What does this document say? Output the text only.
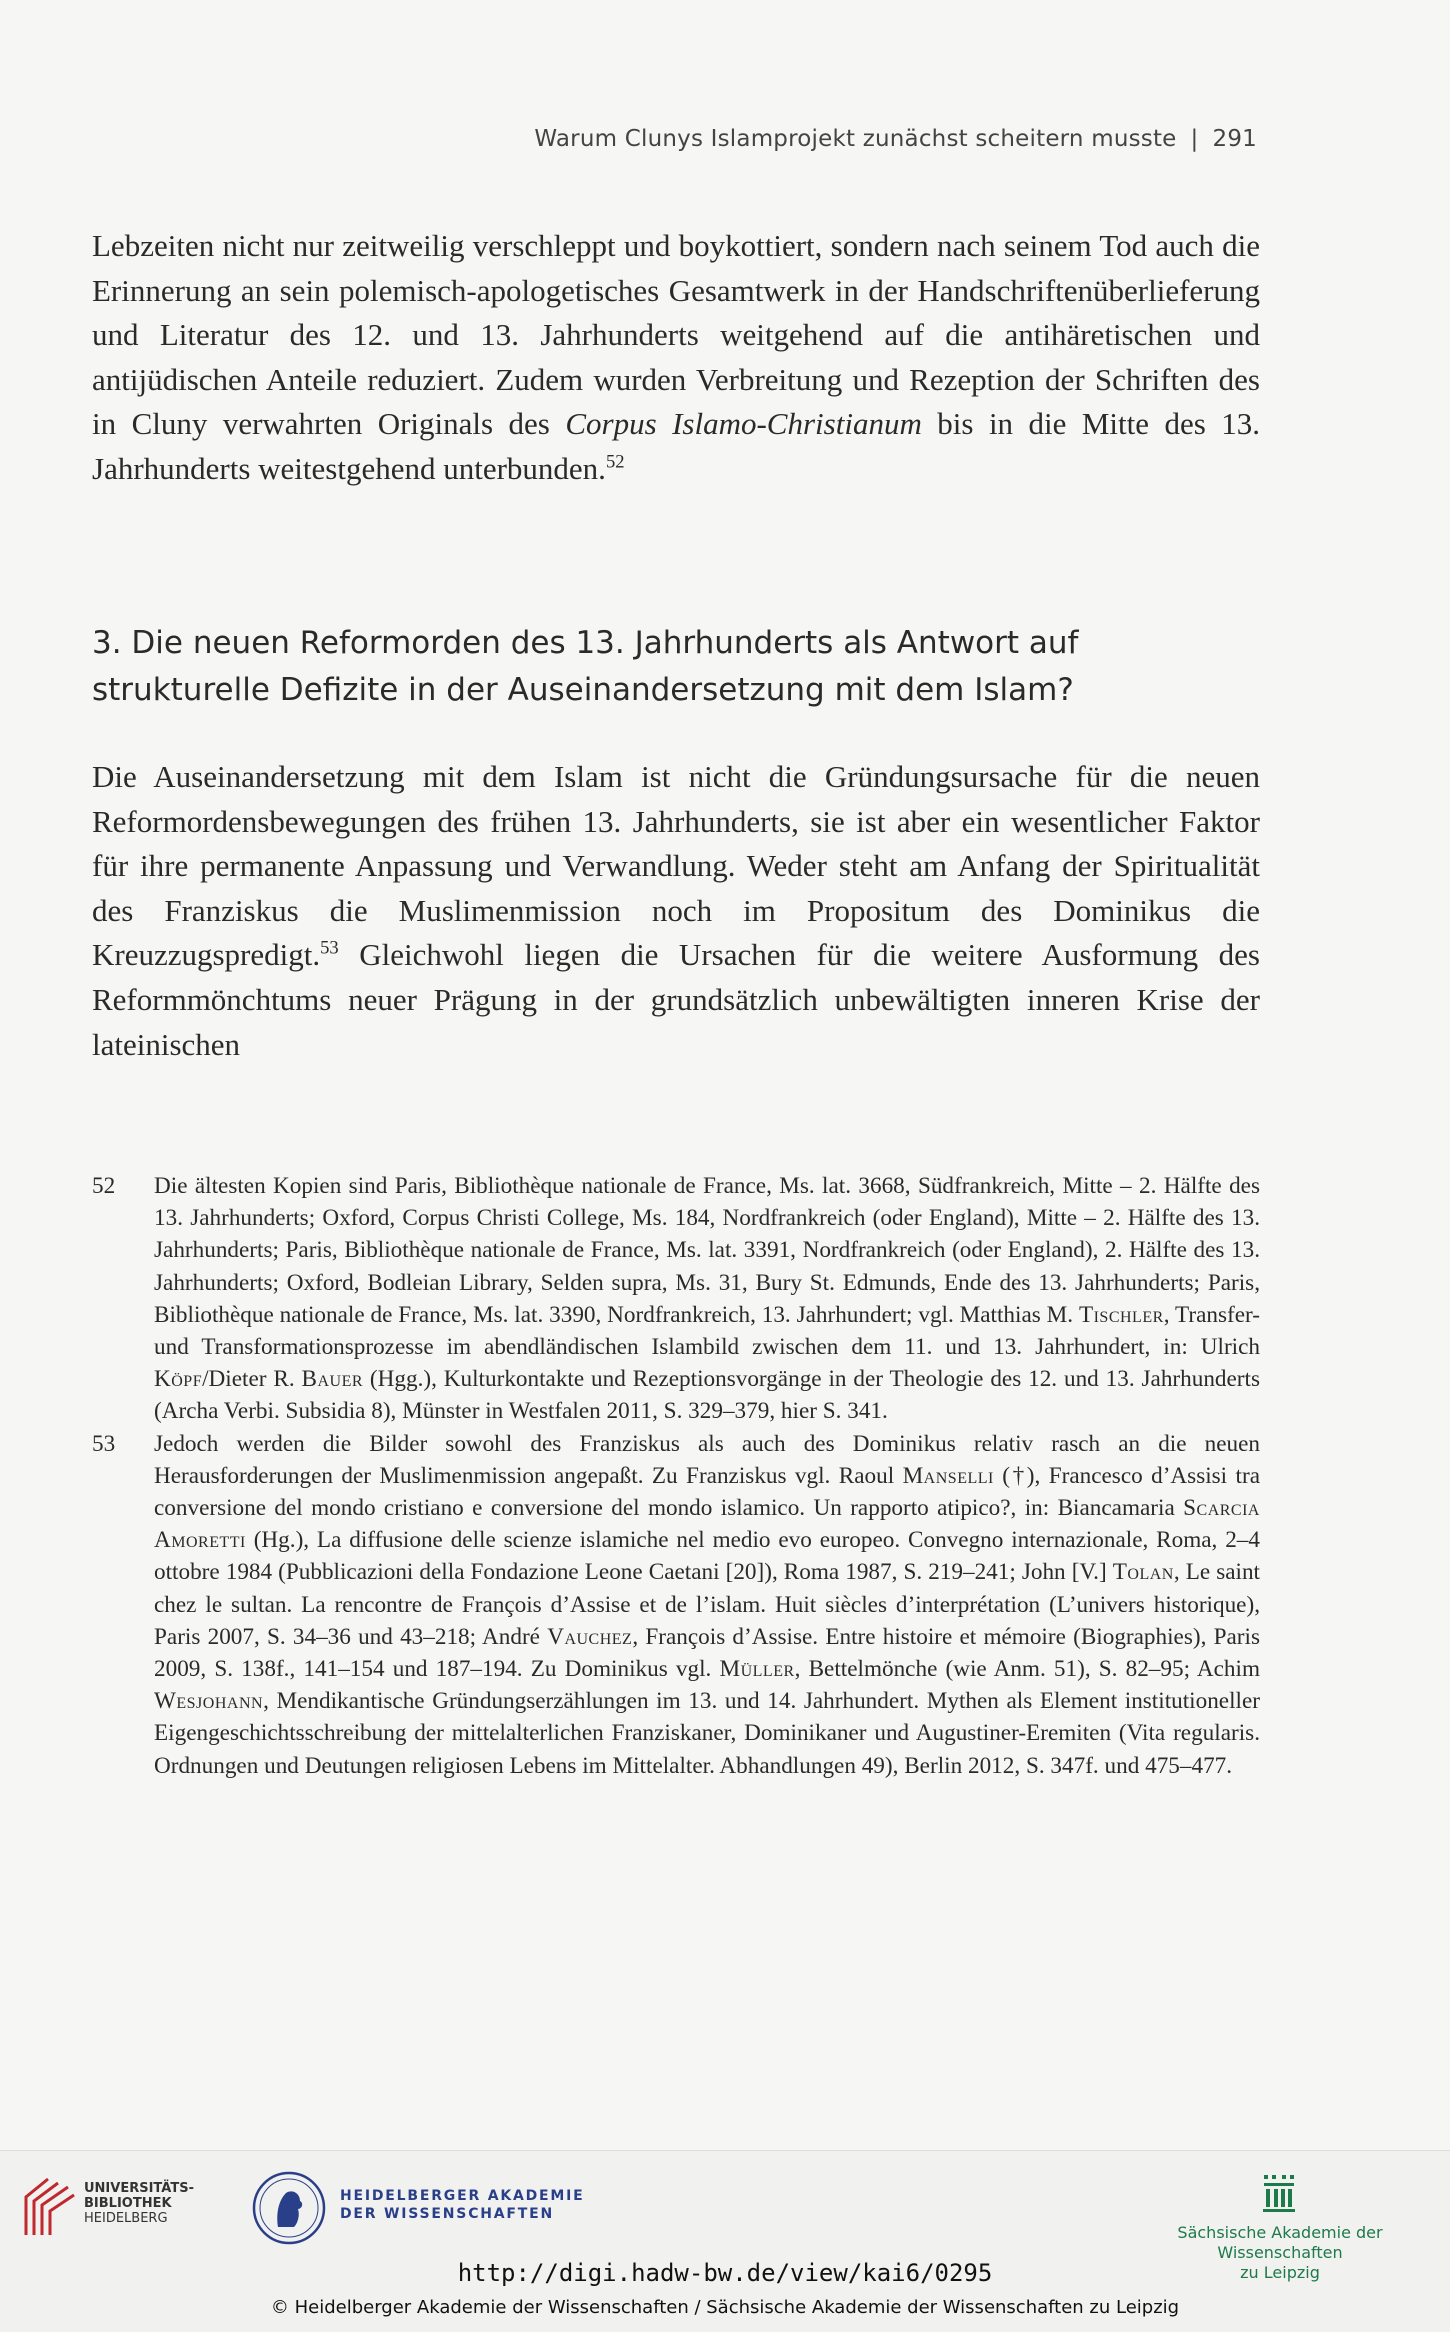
Warum Clunys Islamprojekt zunächst scheitern musste | 291
Lebzeiten nicht nur zeitweilig verschleppt und boykottiert, sondern nach seinem Tod auch die Erinnerung an sein polemisch-apologetisches Gesamtwerk in der Handschriftenüberlieferung und Literatur des 12. und 13. Jahrhunderts weitgehend auf die antihäretischen und antijüdischen Anteile reduziert. Zudem wurden Verbreitung und Rezeption der Schriften des in Cluny verwahrten Originals des Corpus Islamo-Christianum bis in die Mitte des 13. Jahrhunderts weitestgehend unterbunden.$^{52}$
3. Die neuen Reformorden des 13. Jahrhunderts als Antwort auf
strukturelle Defizite in der Auseinandersetzung mit dem Islam?
Die Auseinandersetzung mit dem Islam ist nicht die Gründungsursache für die neuen Reformordensbewegungen des frühen 13. Jahrhunderts, sie ist aber ein wesentlicher Faktor für ihre permanente Anpassung und Verwandlung. Weder steht am Anfang der Spiritualität des Franziskus die Muslimenmission noch im Propositum des Dominikus die Kreuzzugspredigt.$^{53}$ Gleichwohl liegen die Ursachen für die weitere Ausformung des Reformmönchtums neuer Prägung in der grundsätzlich unbewältigten inneren Krise der lateinischen
52 Die ältesten Kopien sind Paris, Bibliothèque nationale de France, Ms. lat. 3668, Südfrankreich, Mitte – 2. Hälfte des 13. Jahrhunderts; Oxford, Corpus Christi College, Ms. 184, Nordfrankreich (oder England), Mitte – 2. Hälfte des 13. Jahrhunderts; Paris, Bibliothèque nationale de France, Ms. lat. 3391, Nordfrankreich (oder England), 2. Hälfte des 13. Jahrhunderts; Oxford, Bodleian Library, Selden supra, Ms. 31, Bury St. Edmunds, Ende des 13. Jahrhunderts; Paris, Bibliothèque nationale de France, Ms. lat. 3390, Nordfrankreich, 13. Jahrhundert; vgl. Matthias M. Tischler, Transfer- und Transformationsprozesse im abendländischen Islambild zwischen dem 11. und 13. Jahrhundert, in: Ulrich Köpf/Dieter R. Bauer (Hgg.), Kulturkontakte und Rezeptionsvorgänge in der Theologie des 12. und 13. Jahrhunderts (Archa Verbi. Subsidia 8), Münster in Westfalen 2011, S. 329–379, hier S. 341.
53 Jedoch werden die Bilder sowohl des Franziskus als auch des Dominikus relativ rasch an die neuen Herausforderungen der Muslimenmission angepaßt. Zu Franziskus vgl. Raoul Manselli (†), Francesco d’Assisi tra conversione del mondo cristiano e conversione del mondo islamico. Un rapporto atipico?, in: Biancamaria Scarcia Amoretti (Hg.), La diffusione delle scienze islamiche nel medio evo europeo. Convegno internazionale, Roma, 2–4 ottobre 1984 (Pubblicazioni della Fondazione Leone Caetani [20]), Roma 1987, S. 219–241; John [V.] Tolan, Le saint chez le sultan. La rencontre de François d’Assise et de l’islam. Huit siècles d’interprétation (L’univers historique), Paris 2007, S. 34–36 und 43–218; André Vauchez, François d’Assise. Entre histoire et mémoire (Biographies), Paris 2009, S. 138f., 141–154 und 187–194. Zu Dominikus vgl. Müller, Bettelmönche (wie Anm. 51), S. 82–95; Achim Wesjohann, Mendikantische Gründungserzählungen im 13. und 14. Jahrhundert. Mythen als Element institutioneller Eigengeschichtsschreibung der mittelalterlichen Franziskaner, Dominikaner und Augustiner-Eremiten (Vita regularis. Ordnungen und Deutungen religiosen Lebens im Mittelalter. Abhandlungen 49), Berlin 2012, S. 347f. und 475–477.
UNIVERSITÄTS-
BIBLIOTHEK
HEIDELBERG
HEIDELBERGER AKADEMIE
DER WISSENSCHAFTEN
Sächsische Akademie der Wissenschaften
zu Leipzig
http://digi.hadw-bw.de/view/kai6/0295
© Heidelberger Akademie der Wissenschaften / Sächsische Akademie der Wissenschaften zu Leipzig
